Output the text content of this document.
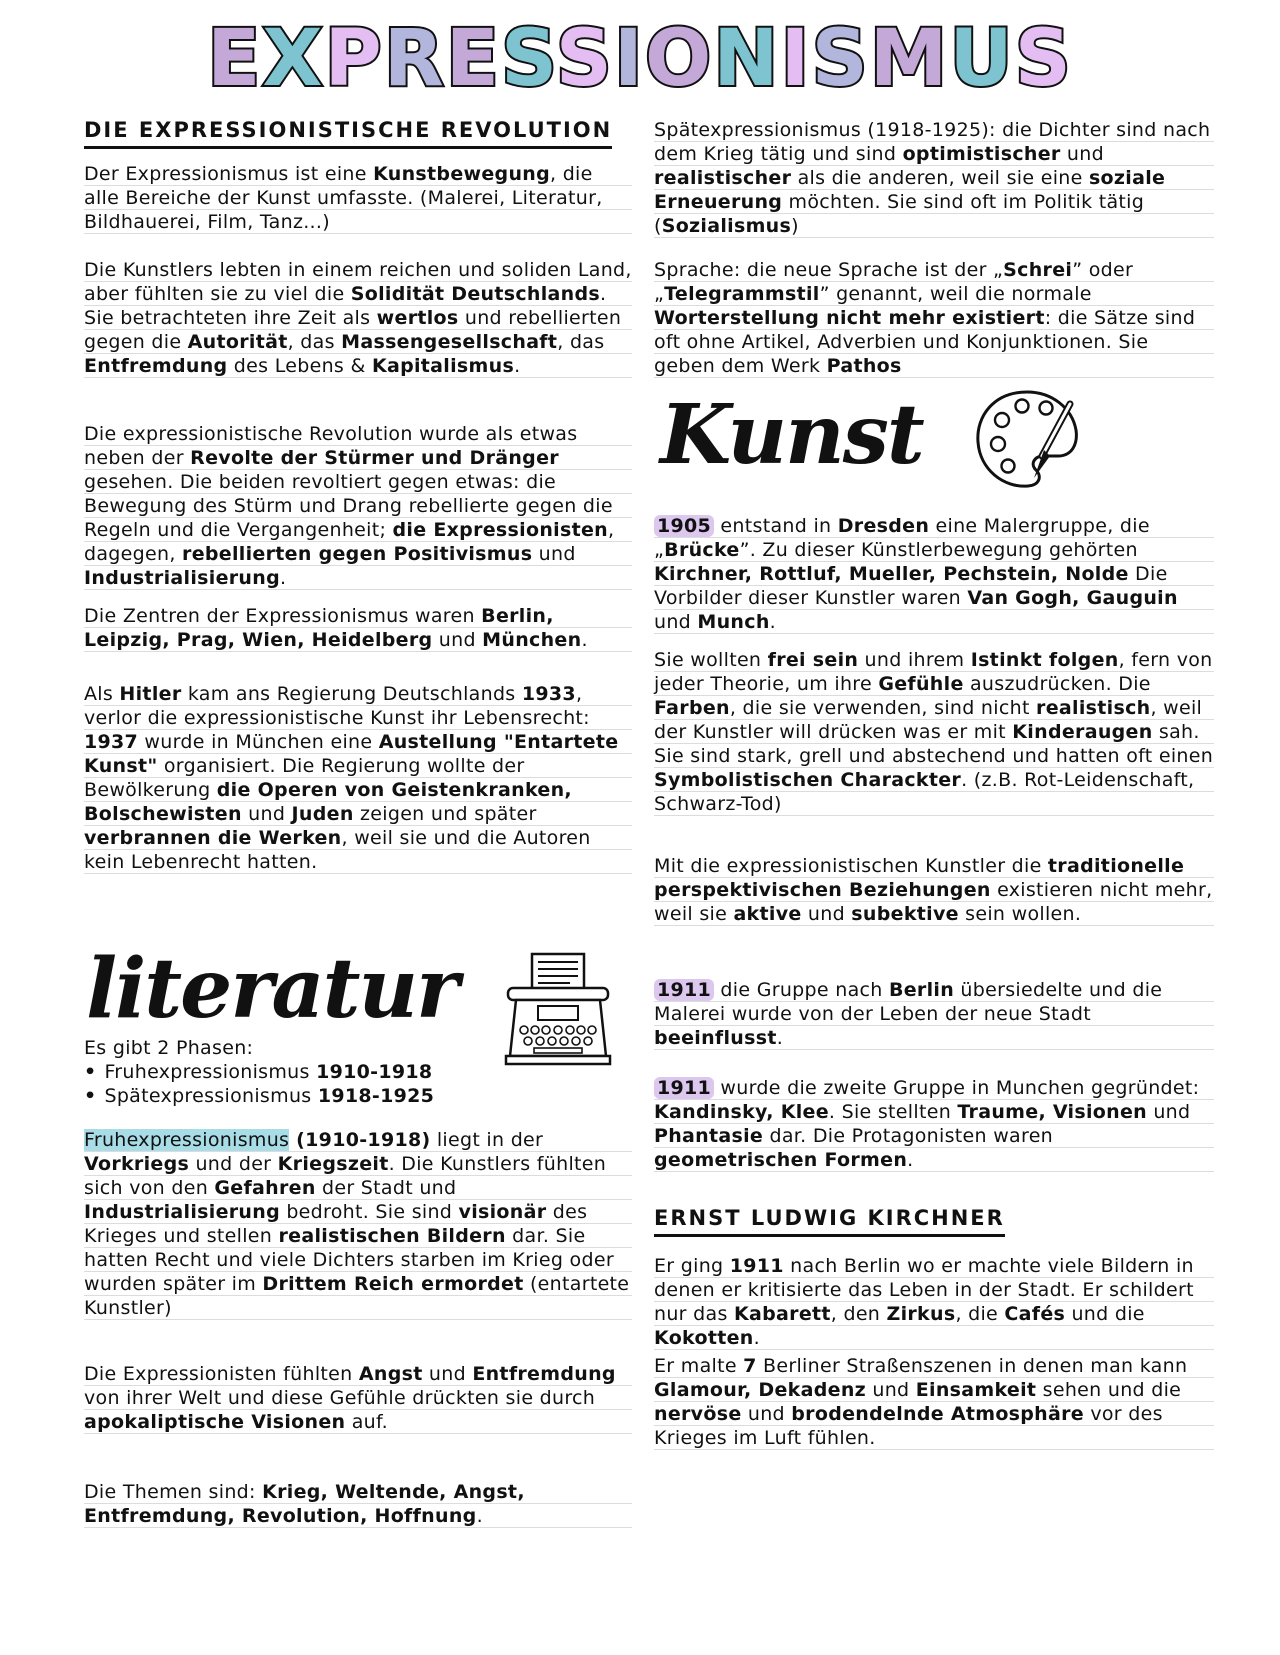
EXPRESSIONISMUS
DIE EXPRESSIONISTISCHE REVOLUTION
Der Expressionismus ist eine Kunstbewegung, die alle Bereiche der Kunst umfasste. (Malerei, Literatur, Bildhauerei, Film, Tanz...)
Die Kunstlers lebten in einem reichen und soliden Land, aber fühlten sie zu viel die Solidität Deutschlands. Sie betrachteten ihre Zeit als wertlos und rebellierten gegen die Autorität, das Massengesellschaft, das Entfremdung des Lebens & Kapitalismus.
Die expressionistische Revolution wurde als etwas neben der Revolte der Stürmer und Dränger gesehen. Die beiden revoltiert gegen etwas: die Bewegung des Stürm und Drang rebellierte gegen die Regeln und die Vergangenheit; die Expressionisten, dagegen, rebellierten gegen Positivismus und Industrialisierung.
Die Zentren der Expressionismus waren Berlin, Leipzig, Prag, Wien, Heidelberg und München.
Als Hitler kam ans Regierung Deutschlands 1933, verlor die expressionistische Kunst ihr Lebensrecht: 1937 wurde in München eine Austellung "Entartete Kunst" organisiert. Die Regierung wollte der Bewölkerung die Operen von Geistenkranken, Bolschewisten und Juden zeigen und später verbrannen die Werken, weil sie und die Autoren kein Lebenrecht hatten.
literatur
Es gibt 2 Phasen:
• Fruhexpressionismus 1910-1918
• Spätexpressionismus 1918-1925
Fruhexpressionismus (1910-1918) liegt in der Vorkriegs und der Kriegszeit. Die Kunstlers fühlten sich von den Gefahren der Stadt und Industrialisierung bedroht. Sie sind visionär des Krieges und stellen realistischen Bildern dar. Sie hatten Recht und viele Dichters starben im Krieg oder wurden später im Drittem Reich ermordet (entartete Kunstler)
Die Expressionisten fühlten Angst und Entfremdung von ihrer Welt und diese Gefühle drückten sie durch apokaliptische Visionen auf.
Die Themen sind: Krieg, Weltende, Angst, Entfremdung, Revolution, Hoffnung.
Spätexpressionismus (1918-1925): die Dichter sind nach dem Krieg tätig und sind optimistischer und realistischer als die anderen, weil sie eine soziale Erneuerung möchten. Sie sind oft im Politik tätig (Sozialismus)
Sprache: die neue Sprache ist der „Schrei” oder „Telegrammstil” genannt, weil die normale Worterstellung nicht mehr existiert: die Sätze sind oft ohne Artikel, Adverbien und Konjunktionen. Sie geben dem Werk Pathos
Kunst
1905 entstand in Dresden eine Malergruppe, die „Brücke”. Zu dieser Künstlerbewegung gehörten Kirchner, Rottluf, Mueller, Pechstein, Nolde Die Vorbilder dieser Kunstler waren Van Gogh, Gauguin und Munch.
Sie wollten frei sein und ihrem Istinkt folgen, fern von jeder Theorie, um ihre Gefühle auszudrücken. Die Farben, die sie verwenden, sind nicht realistisch, weil der Kunstler will drücken was er mit Kinderaugen sah. Sie sind stark, grell und abstechend und hatten oft einen Symbolistischen Charackter. (z.B. Rot-Leidenschaft, Schwarz-Tod)
Mit die expressionistischen Kunstler die traditionelle perspektivischen Beziehungen existieren nicht mehr, weil sie aktive und subektive sein wollen.
1911 die Gruppe nach Berlin übersiedelte und die Malerei wurde von der Leben der neue Stadt beeinflusst.
1911 wurde die zweite Gruppe in Munchen gegründet: Kandinsky, Klee. Sie stellten Traume, Visionen und Phantasie dar. Die Protagonisten waren geometrischen Formen.
ERNST LUDWIG KIRCHNER
Er ging 1911 nach Berlin wo er machte viele Bildern in denen er kritisierte das Leben in der Stadt. Er schildert nur das Kabarett, den Zirkus, die Cafés und die Kokotten.
Er malte 7 Berliner Straßenszenen in denen man kann Glamour, Dekadenz und Einsamkeit sehen und die nervöse und brodendelnde Atmosphäre vor des Krieges im Luft fühlen.
